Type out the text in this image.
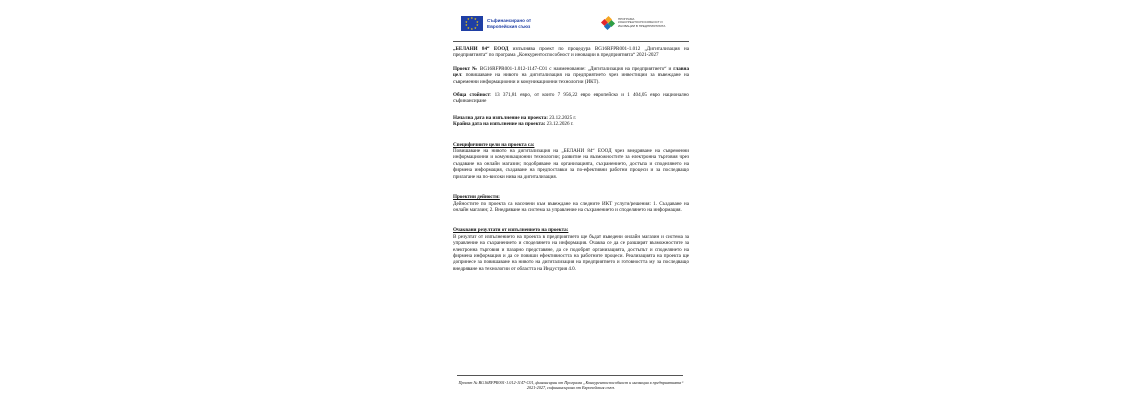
★ ★
★
★
★
★
★
★
★
★	Съфинансирано от
Европейския съюз
ПРОГРАМА
КОНКУРЕНТОСПОСОБНОСТ И
ИНОВАЦИИ В ПРЕДПРИЯТИЯТА

„БЕЛАНИ 84“ ЕООД изпълнява проект по процедура BG16RFPR001-1.012 „Дигитализация на предприятията“ по програма „Конкурентоспособност и иновации в предприятията“ 2021-2027

Проект № BG16RFPR001-1.012-1147-C01 с наименование: „Дигитализация на предприятието“ и главна цел: повишаване на нивото на дигитализация на предприятието чрез инвестиции за въвеждане на съвременни информационни и комуникационни технологии (ИКТ).

Обща стойност: 13 371,81 евро, от които 7 956,22 евро европейско и 1 404,05 евро национално съфинансиране

Начална дата на изпълнение на проекта: 23.12.2025 г.
Крайна дата на изпълнение на проекта: 23.12.2026 г.

Специфичните цели на проекта са:
Повишаване на нивото на дигитализация на „БЕЛАНИ 84“ ЕООД чрез внедряване на съвременни информационни и комуникационни технологии; развитие на възможностите за електронна търговия чрез създаване на онлайн магазин; подобряване на организацията, съхранението, достъпа и споделянето на фирмена информация, създаване на предпоставки за по-ефективни работни процеси и за последващо прилагане на по-високи нива на дигитализация.

Проектни дейности:
Дейностите по проекта са насочени към въвеждане на следните ИКТ услуги/решения: 1. Създаване на онлайн магазин; 2. Внедряване на система за управление на съхранението и споделянето на информация.

Очаквани резултати от изпълнението на проекта:
В резултат от изпълнението на проекта в предприятието ще бъдат въведени онлайн магазин и система за управление на съхранението и споделянето на информация. Очаква се да се разширят възможностите за електронна търговия и пазарно представяне, да се подобрят организацията, достъпът и споделянето на фирмена информация и да се повиши ефективността на работните процеси. Реализацията на проекта ще допринесе за повишаване на нивото на дигитализация на предприятието и готовността му за последващо внедряване на технологии от областта на Индустрия 4.0.

Проект № BG16RFPR001-1.012-1147-C01, финансиран от Програма „Конкурентоспособност и иновации в предприятията“ 2021-2027, съфинансирана от Европейския съюз.
